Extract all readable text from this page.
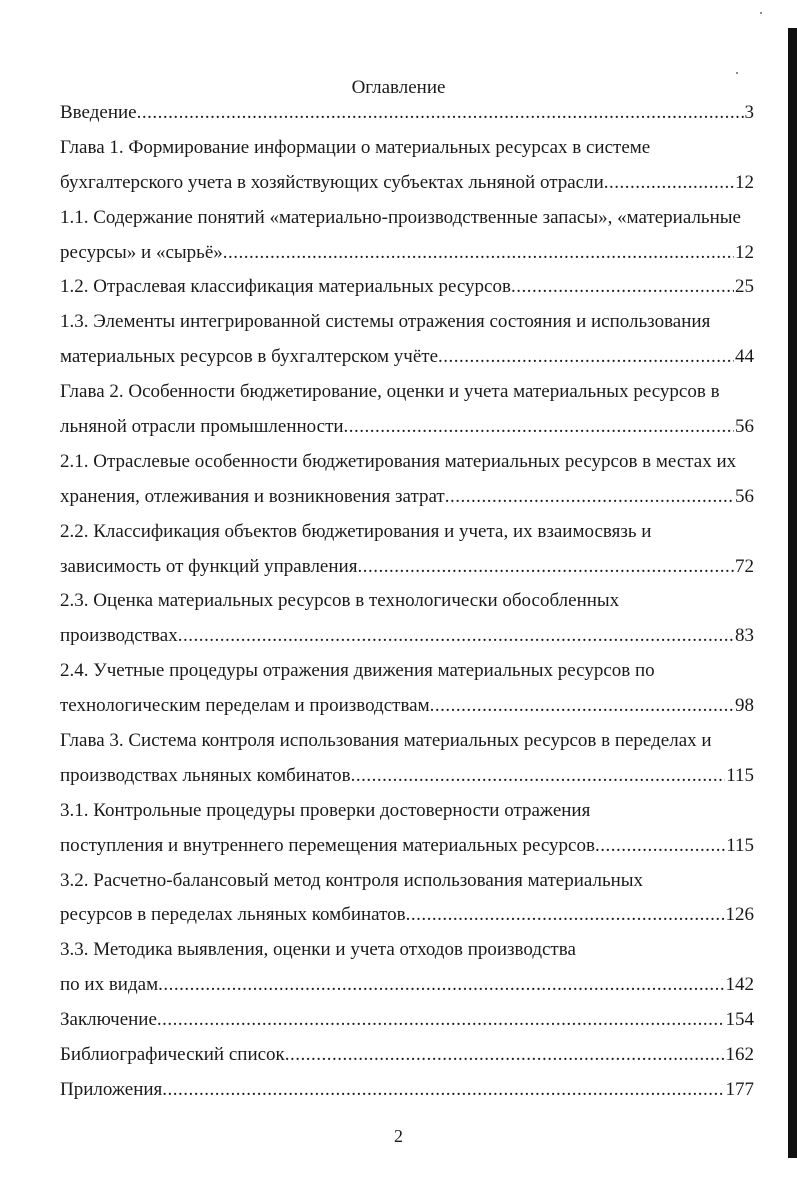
Оглавление
Введение .....	3
Глава 1. Формирование информации о материальных ресурсах в системе
бухгалтерского учета в хозяйствующих субъектах льняной отрасли .....	12
1.1. Содержание понятий «материально-производственные запасы», «материальные
ресурсы» и «сырьё» .....	12
1.2. Отраслевая классификация материальных ресурсов .....	25
1.3. Элементы интегрированной системы отражения состояния и использования
материальных ресурсов в бухгалтерском учёте .....	44
Глава 2. Особенности бюджетирование, оценки и учета материальных ресурсов в
льняной отрасли промышленности .....	56
2.1. Отраслевые особенности бюджетирования материальных ресурсов в местах их
хранения, отлеживания и возникновения затрат .....	56
2.2. Классификация объектов бюджетирования и учета, их взаимосвязь и
зависимость от функций управления .....	72
2.3. Оценка материальных ресурсов в технологически обособленных
производствах .....	83
2.4. Учетные процедуры отражения движения материальных ресурсов по
технологическим переделам и производствам .....	98
Глава 3. Система контроля использования материальных ресурсов в переделах и
производствах льняных комбинатов .....	115
3.1. Контрольные процедуры проверки достоверности отражения
поступления и внутреннего перемещения материальных ресурсов .....	115
3.2. Расчетно-балансовый метод контроля использования материальных
ресурсов в переделах льняных комбинатов .....	126
3.3. Методика выявления, оценки и учета отходов производства
по их видам .....	142
Заключение .....	154
Библиографический список .....	162
Приложения .....	177
2
